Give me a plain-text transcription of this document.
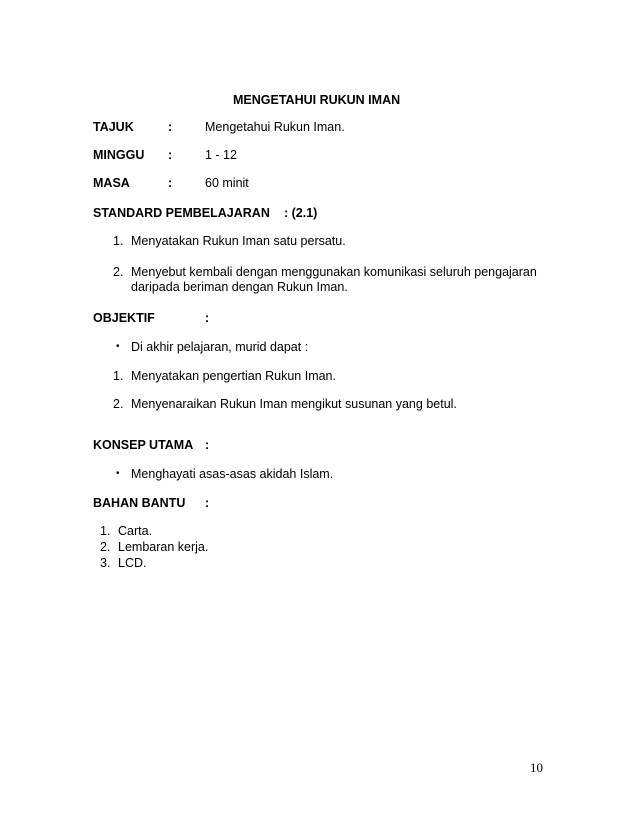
MENGETAHUI RUKUN IMAN
TAJUK	:	Mengetahui Rukun Iman.
MINGGU :	1 - 12
MASA	:	60 minit
STANDARD PEMBELAJARAN : (2.1)
1. Menyatakan Rukun Iman satu persatu.
2. Menyebut kembali dengan menggunakan komunikasi seluruh pengajaran
daripada beriman dengan Rukun Iman.
OBJEKTIF	:
• Di akhir pelajaran, murid dapat :
1. Menyatakan pengertian Rukun Iman.
2. Menyenaraikan Rukun Iman mengikut susunan yang betul.
KONSEP UTAMA :
• Menghayati asas-asas akidah Islam.
BAHAN BANTU :
1. Carta.
2. Lembaran kerja.
3. LCD.
10
